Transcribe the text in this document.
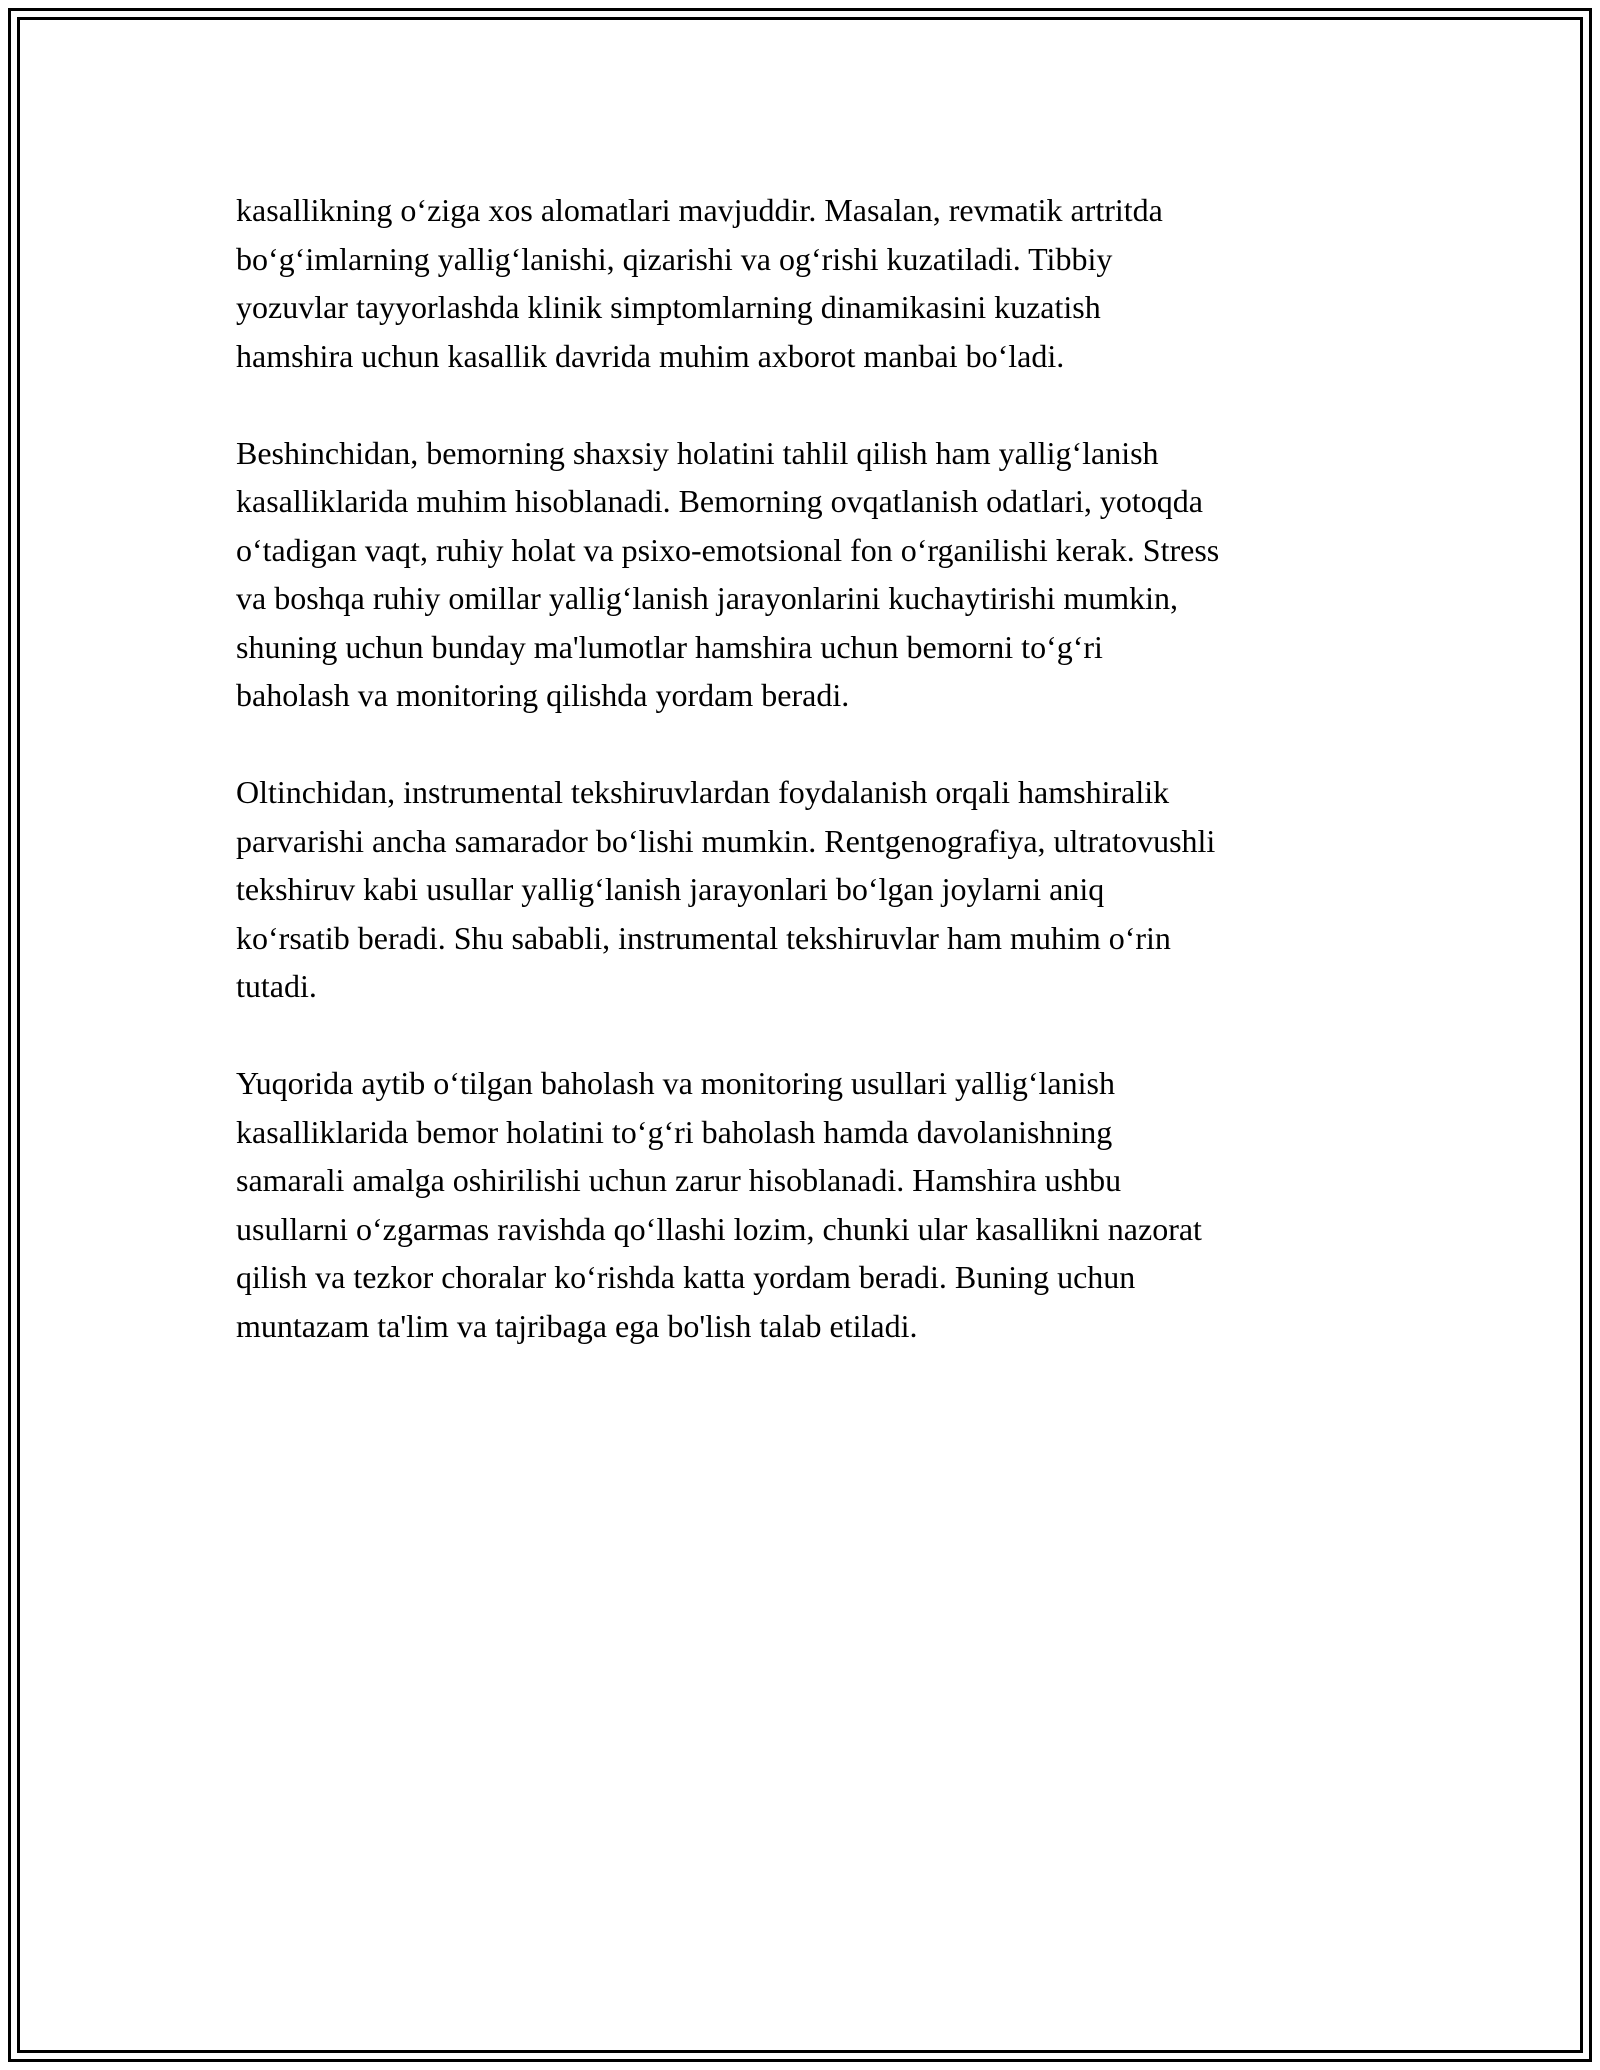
kasallikning o‘ziga xos alomatlari mavjuddir. Masalan, revmatik artritda
bo‘g‘imlarning yallig‘lanishi, qizarishi va og‘rishi kuzatiladi. Tibbiy
yozuvlar tayyorlashda klinik simptomlarning dinamikasini kuzatish
hamshira uchun kasallik davrida muhim axborot manbai bo‘ladi.

Beshinchidan, bemorning shaxsiy holatini tahlil qilish ham yallig‘lanish
kasalliklarida muhim hisoblanadi. Bemorning ovqatlanish odatlari, yotoqda
o‘tadigan vaqt, ruhiy holat va psixo-emotsional fon o‘rganilishi kerak. Stress
va boshqa ruhiy omillar yallig‘lanish jarayonlarini kuchaytirishi mumkin,
shuning uchun bunday ma'lumotlar hamshira uchun bemorni to‘g‘ri
baholash va monitoring qilishda yordam beradi.

Oltinchidan, instrumental tekshiruvlardan foydalanish orqali hamshiralik
parvarishi ancha samarador bo‘lishi mumkin. Rentgenografiya, ultratovushli
tekshiruv kabi usullar yallig‘lanish jarayonlari bo‘lgan joylarni aniq
ko‘rsatib beradi. Shu sababli, instrumental tekshiruvlar ham muhim o‘rin
tutadi.

Yuqorida aytib o‘tilgan baholash va monitoring usullari yallig‘lanish
kasalliklarida bemor holatini to‘g‘ri baholash hamda davolanishning
samarali amalga oshirilishi uchun zarur hisoblanadi. Hamshira ushbu
usullarni o‘zgarmas ravishda qo‘llashi lozim, chunki ular kasallikni nazorat
qilish va tezkor choralar ko‘rishda katta yordam beradi. Buning uchun
muntazam ta'lim va tajribaga ega bo'lish talab etiladi.
